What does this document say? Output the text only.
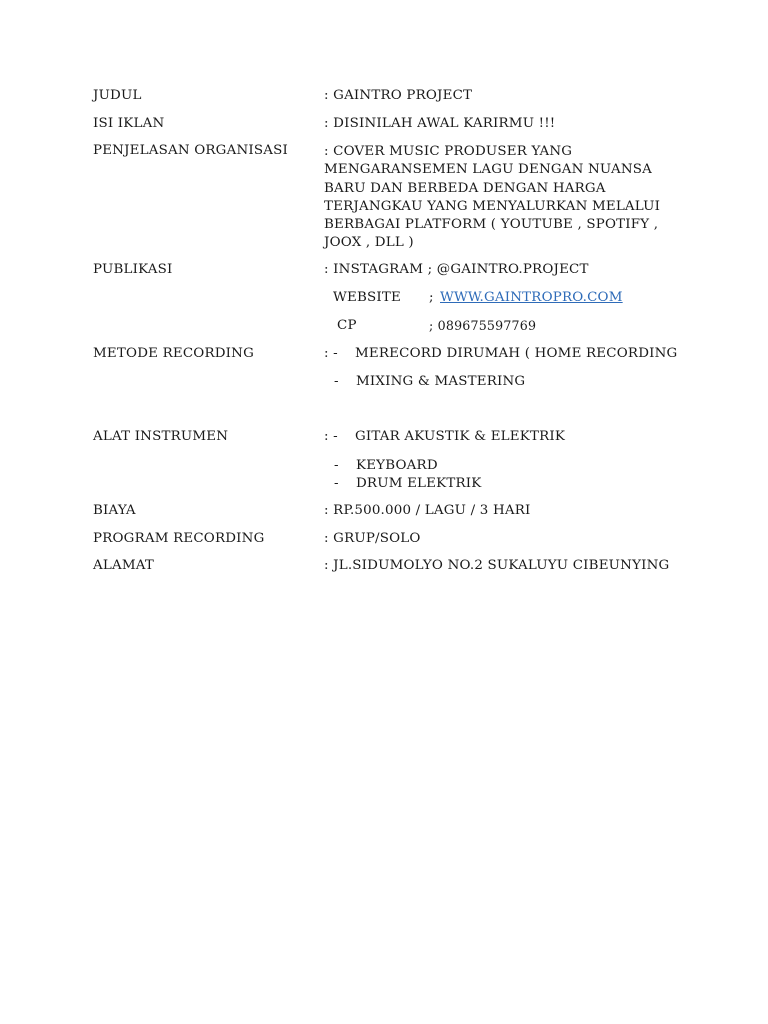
JUDUL	: GAINTRO PROJECT
ISI IKLAN	: DISINILAH AWAL KARIRMU !!!
PENJELASAN ORGANISASI	: COVER MUSIC PRODUSER YANG MENGARANSEMEN LAGU DENGAN NUANSA BARU DAN BERBEDA DENGAN HARGA TERJANGKAU YANG MENYALURKAN MELALUI BERBAGAI PLATFORM ( YOUTUBE , SPOTIFY , JOOX , DLL )
PUBLIKASI	: INSTAGRAM ; @GAINTRO.PROJECT
WEBSITE ; WWW.GAINTROPRO.COM
CP	; 089675597769
METODE RECORDING	: - MERECORD DIRUMAH ( HOME RECORDING
- MIXING & MASTERING
ALAT INSTRUMEN	: - GITAR AKUSTIK & ELEKTRIK
- KEYBOARD
- DRUM ELEKTRIK
BIAYA	: RP.500.000 / LAGU / 3 HARI
PROGRAM RECORDING	: GRUP/SOLO
ALAMAT	: JL.SIDUMOLYO NO.2 SUKALUYU CIBEUNYING
